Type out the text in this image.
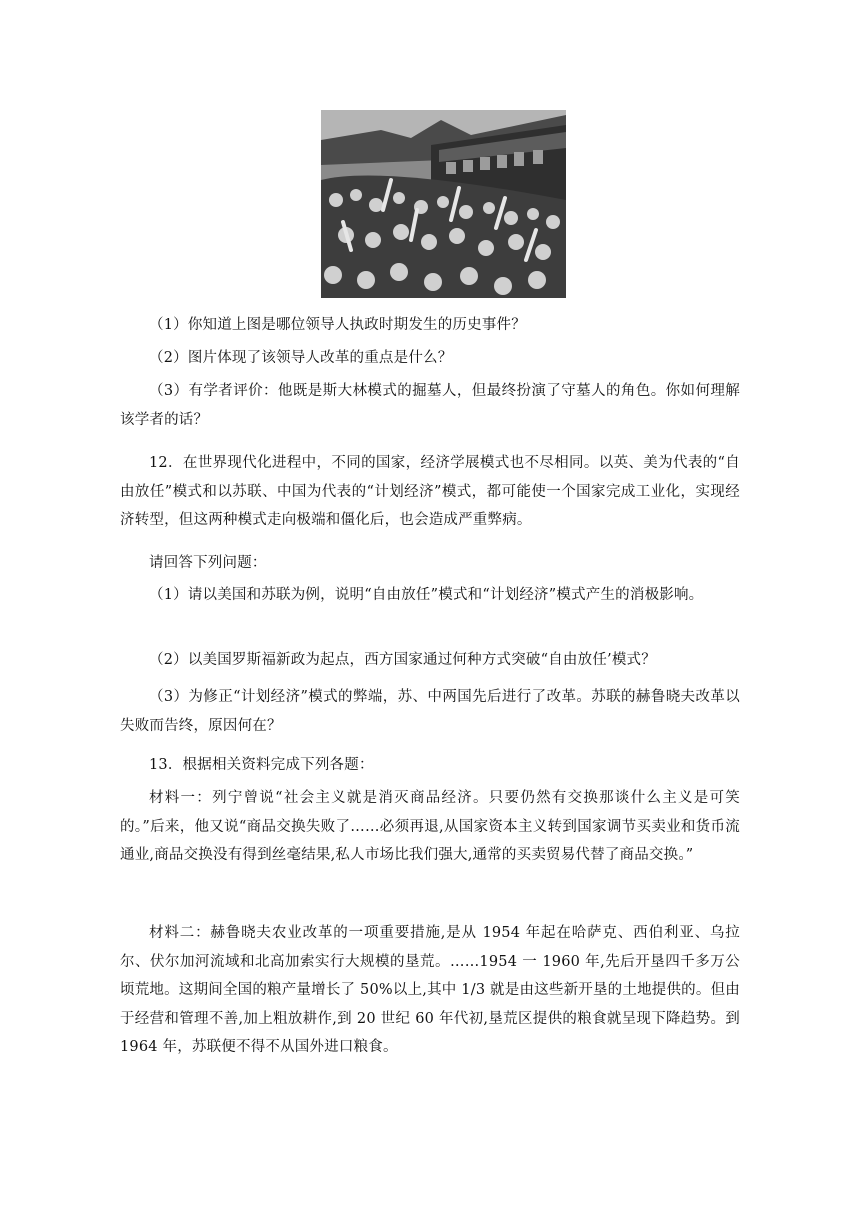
（1）你知道上图是哪位领导人执政时期发生的历史事件？

（2）图片体现了该领导人改革的重点是什么？

（3）有学者评价：他既是斯大林模式的掘墓人，但最终扮演了守墓人的角色。你如何理解该学者的话？

12．在世界现代化进程中，不同的国家，经济学展模式也不尽相同。以英、美为代表的“自由放任”模式和以苏联、中国为代表的“计划经济”模式，都可能使一个国家完成工业化，实现经济转型，但这两种模式走向极端和僵化后，也会造成严重弊病。

请回答下列问题：

（1）请以美国和苏联为例，说明“自由放任”模式和“计划经济”模式产生的消极影响。

（2）以美国罗斯福新政为起点，西方国家通过何种方式突破“自由放任’模式？

（3）为修正“计划经济”模式的弊端，苏、中两国先后进行了改革。苏联的赫鲁晓夫改革以失败而告终，原因何在？

13．根据相关资料完成下列各题：

材料一：列宁曾说“社会主义就是消灭商品经济。只要仍然有交换那谈什么主义是可笑的。”后来，他又说“商品交换失败了……必须再退,从国家资本主义转到国家调节买卖业和货币流通业,商品交换没有得到丝毫结果,私人市场比我们强大,通常的买卖贸易代替了商品交换。”

材料二：赫鲁晓夫农业改革的一项重要措施,是从 1954 年起在哈萨克、西伯利亚、乌拉尔、伏尔加河流域和北高加索实行大规模的垦荒。……1954 一 1960 年,先后开垦四千多万公顷荒地。这期间全国的粮产量增长了 50%以上,其中 1/3 就是由这些新开垦的土地提供的。但由于经营和管理不善,加上粗放耕作,到 20 世纪 60 年代初,垦荒区提供的粮食就呈现下降趋势。到 1964 年，苏联便不得不从国外进口粮食。
